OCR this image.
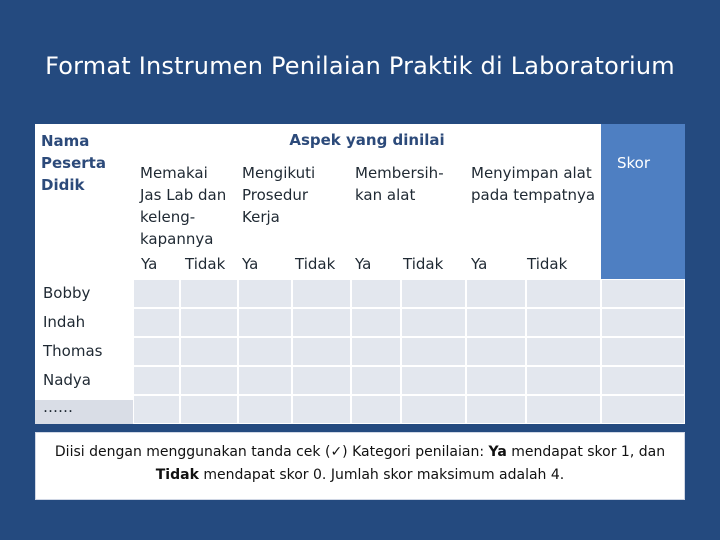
Format Instrumen Penilaian Praktik di Laboratorium
Nama Peserta Didik
Aspek yang dinilai
Memakai Jas Lab dan keleng-kapannya
Mengikuti Prosedur Kerja
Membersih-kan alat
Menyimpan alat pada tempatnya
Ya Tidak Ya Tidak Ya Tidak Ya	Tidak
Skor
Bobby
Indah
Thomas
Nadya
……

Diisi dengan menggunakan tanda cek (✓) Kategori penilaian: Ya mendapat skor 1, dan Tidak mendapat skor 0. Jumlah skor maksimum adalah 4.
